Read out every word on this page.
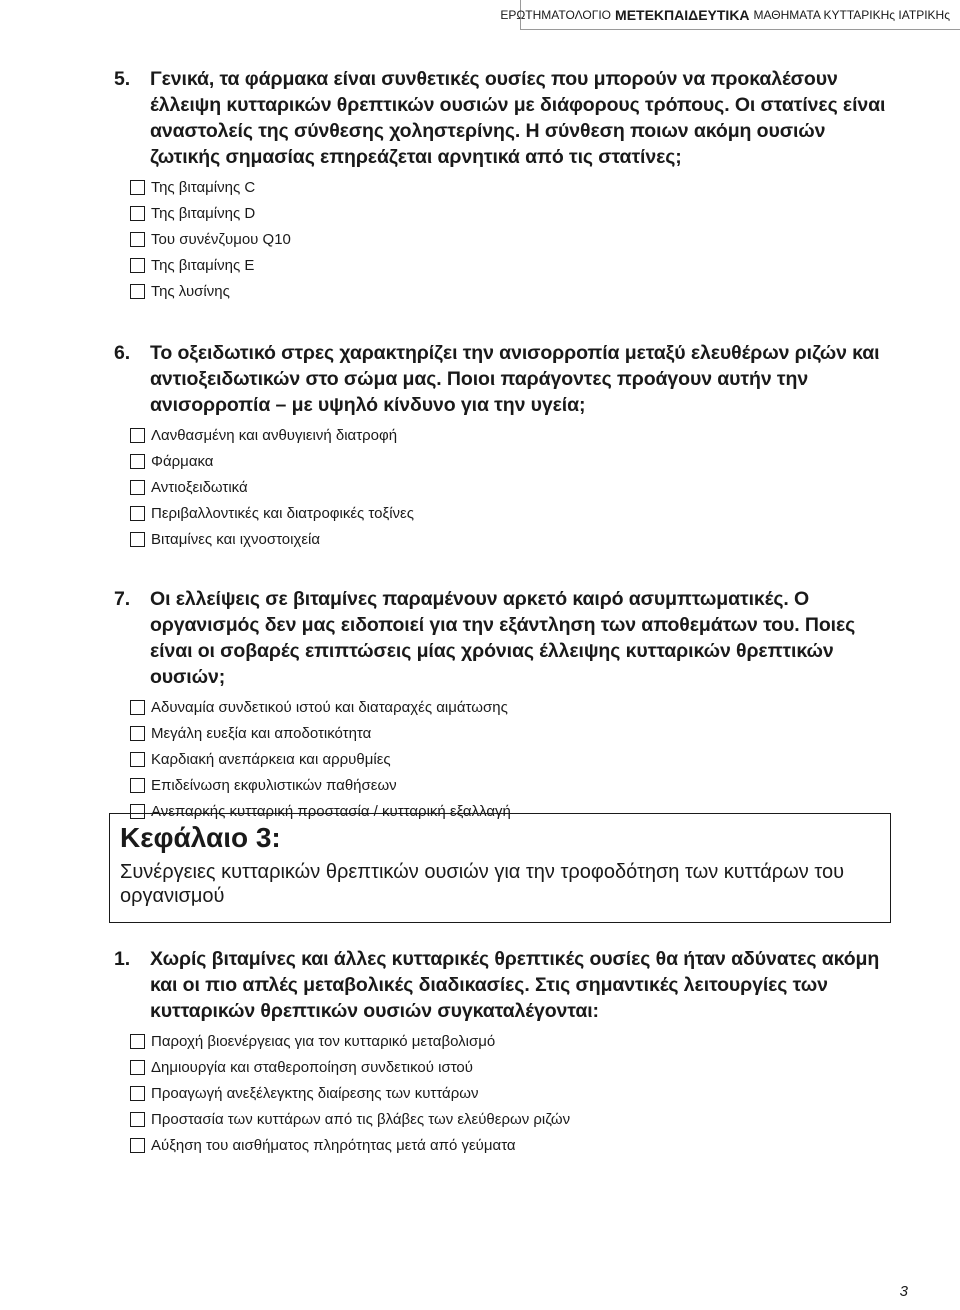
ΕΡΩΤΗΜΑΤΟΛΟΓΙΟ ΜΕΤΕΚΠΑΙΔΕΥΤΙΚΑ ΜΑΘΗΜΑΤΑ ΚΥΤΤΑΡΙΚΗς ΙΑΤΡΙΚΗς
5. Γενικά, τα φάρμακα είναι συνθετικές ουσίες που μπορούν να προκαλέσουν έλλειψη κυτταρικών θρεπτικών ουσιών με διάφορους τρόπους. Οι στατίνες είναι αναστολείς της σύνθεσης χοληστερίνης. Η σύνθεση ποιων ακόμη ουσιών ζωτικής σημασίας επηρεάζεται αρνητικά από τις στατίνες;
Της βιταμίνης C
Της βιταμίνης D
Του συνένζυμου Q10
Της βιταμίνης E
Της λυσίνης
6. Το οξειδωτικό στρες χαρακτηρίζει την ανισορροπία μεταξύ ελευθέρων ριζών και αντιοξειδωτικών στο σώμα μας. Ποιοι παράγοντες προάγουν αυτήν την ανισορροπία – με υψηλό κίνδυνο για την υγεία;
Λανθασμένη και ανθυγιεινή διατροφή
Φάρμακα
Αντιοξειδωτικά
Περιβαλλοντικές και διατροφικές τοξίνες
Βιταμίνες και ιχνοστοιχεία
7. Οι ελλείψεις σε βιταμίνες παραμένουν αρκετό καιρό ασυμπτωματικές. Ο οργανισμός δεν μας ειδοποιεί για την εξάντληση των αποθεμάτων του. Ποιες είναι οι σοβαρές επιπτώσεις μίας χρόνιας έλλειψης κυτταρικών θρεπτικών ουσιών;
Αδυναμία συνδετικού ιστού και διαταραχές αιμάτωσης
Μεγάλη ευεξία και αποδοτικότητα
Καρδιακή ανεπάρκεια και αρρυθμίες
Επιδείνωση εκφυλιστικών παθήσεων
Ανεπαρκής κυτταρική προστασία / κυτταρική εξαλλαγή
Κεφάλαιο 3:
Συνέργειες κυτταρικών θρεπτικών ουσιών για την τροφοδότηση των κυττάρων του οργανισμού
1. Χωρίς βιταμίνες και άλλες κυτταρικές θρεπτικές ουσίες θα ήταν αδύνατες ακόμη και οι πιο απλές μεταβολικές διαδικασίες. Στις σημαντικές λειτουργίες των κυτταρικών θρεπτικών ουσιών συγκαταλέγονται:
Παροχή βιοενέργειας για τον κυτταρικό μεταβολισμό
Δημιουργία και σταθεροποίηση συνδετικού ιστού
Προαγωγή ανεξέλεγκτης διαίρεσης των κυττάρων
Προστασία των κυττάρων από τις βλάβες των ελεύθερων ριζών
Αύξηση του αισθήματος πληρότητας μετά από γεύματα
3
